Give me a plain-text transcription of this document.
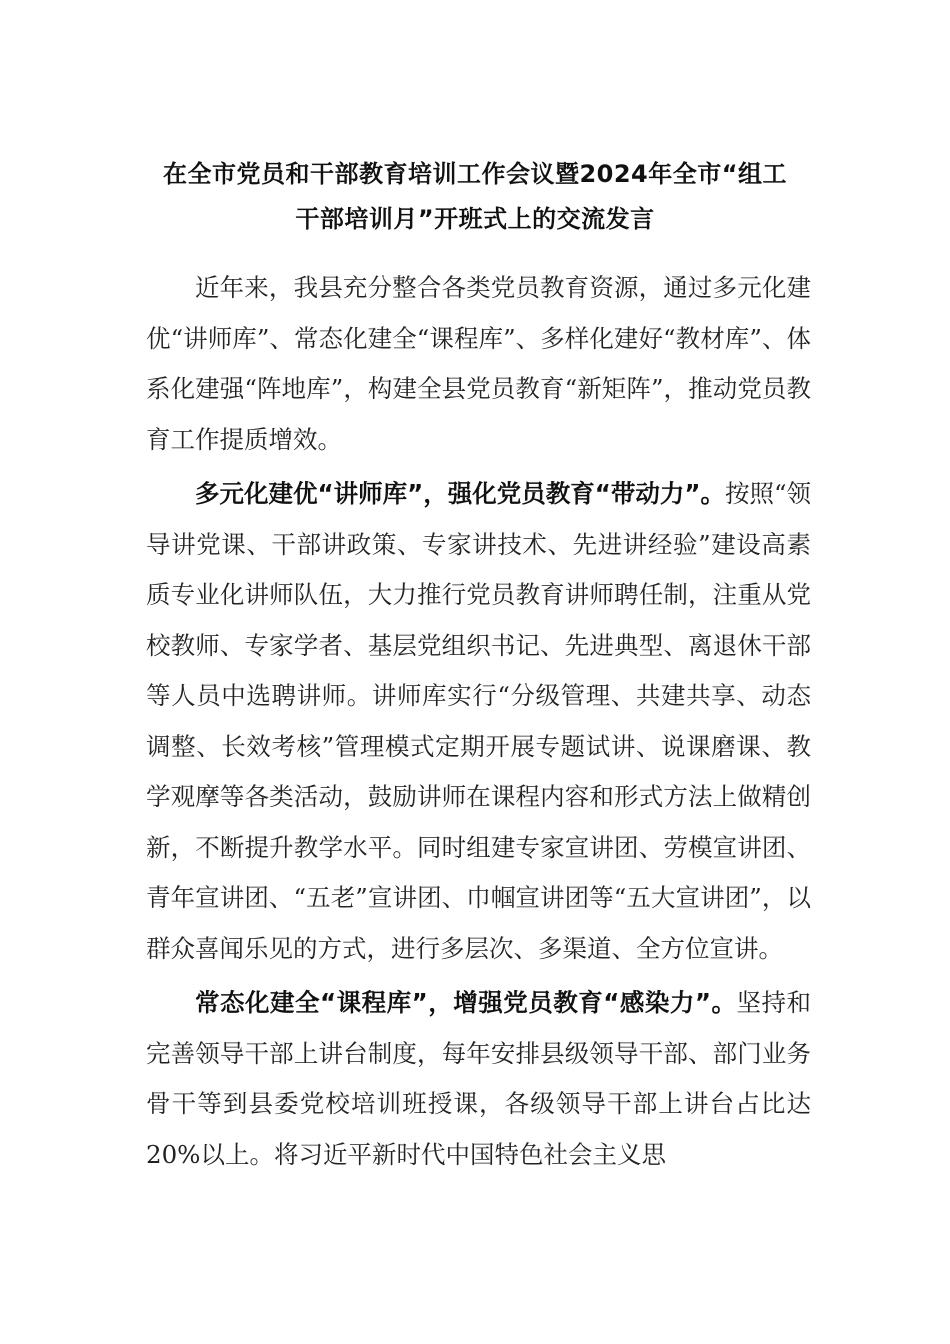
在全市党员和干部教育培训工作会议暨2024年全市“组工
干部培训月”开班式上的交流发言

近年来，我县充分整合各类党员教育资源，通过多元化建优“讲师库”、常态化建全“课程库”、多样化建好“教材库”、体系化建强“阵地库”，构建全县党员教育“新矩阵”，推动党员教育工作提质增效。

多元化建优“讲师库”，强化党员教育“带动力”。按照“领导讲党课、干部讲政策、专家讲技术、先进讲经验”建设高素质专业化讲师队伍，大力推行党员教育讲师聘任制，注重从党校教师、专家学者、基层党组织书记、先进典型、离退休干部等人员中选聘讲师。讲师库实行“分级管理、共建共享、动态调整、长效考核”管理模式定期开展专题试讲、说课磨课、教学观摩等各类活动，鼓励讲师在课程内容和形式方法上做精创新，不断提升教学水平。同时组建专家宣讲团、劳模宣讲团、青年宣讲团、“五老”宣讲团、巾帼宣讲团等“五大宣讲团”，以群众喜闻乐见的方式，进行多层次、多渠道、全方位宣讲。

常态化建全“课程库”，增强党员教育“感染力”。坚持和完善领导干部上讲台制度，每年安排县级领导干部、部门业务骨干等到县委党校培训班授课，各级领导干部上讲台占比达20%以上。将习近平新时代中国特色社会主义思
